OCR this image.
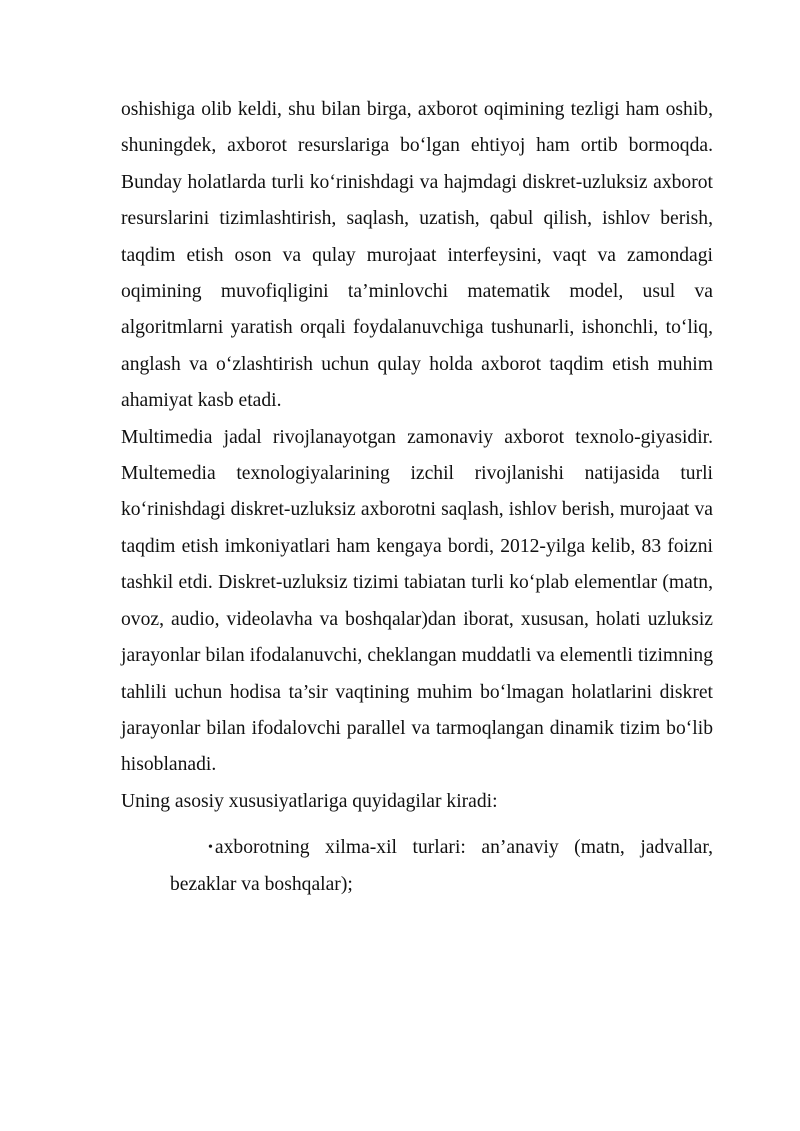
oshishiga olib keldi, shu bilan birga, axborot oqimining tezligi ham oshib, shuningdek, axborot resurslariga bo‘lgan ehtiyoj ham ortib bormoqda. Bunday holatlarda turli ko‘rinishdagi va hajmdagi diskret-uzluksiz axborot resurslarini tizimlashtirish, saqlash, uzatish, qabul qilish, ishlov berish, taqdim etish oson va qulay murojaat interfeysini, vaqt va zamondagi oqimining muvofiqligini ta’minlovchi matematik model, usul va algoritmlarni yaratish orqali foydalanuvchiga tushunarli, ishonchli, to‘liq, anglash va o‘zlashtirish uchun qulay holda axborot taqdim etish muhim ahamiyat kasb etadi.

Multimedia jadal rivojlanayotgan zamonaviy axborot texnolo-giyasidir. Multemedia texnologiyalarining izchil rivojlanishi natijasida turli ko‘rinishdagi diskret-uzluksiz axborotni saqlash, ishlov berish, murojaat va taqdim etish imkoniyatlari ham kengaya bordi, 2012-yilga kelib, 83 foizni tashkil etdi. Diskret-uzluksiz tizimi tabiatan turli ko‘plab elementlar (matn, ovoz, audio, videolavha va boshqalar)dan iborat, xususan, holati uzluksiz jarayonlar bilan ifodalanuvchi, cheklangan muddatli va elementli tizimning tahlili uchun hodisa ta’sir vaqtining muhim bo‘lmagan holatlarini diskret jarayonlar bilan ifodalovchi parallel va tarmoqlangan dinamik tizim bo‘lib hisoblanadi.

Uning asosiy xususiyatlariga quyidagilar kiradi:

• axborotning xilma-xil turlari: an’anaviy (matn, jadvallar, bezaklar va boshqalar);
